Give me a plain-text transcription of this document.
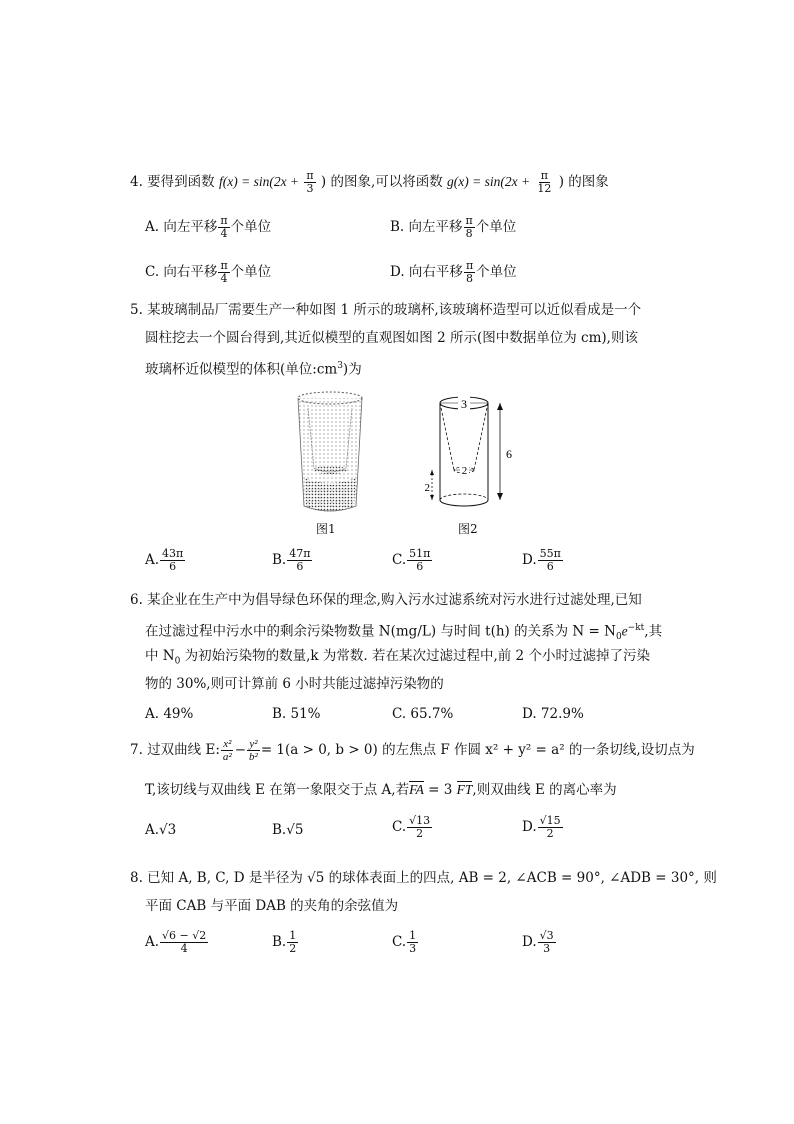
4. 要得到函数 $f(x) = \sin(2x + \frac{\pi}{3}$ ) 的图象,可以将函数 $g(x) = \sin(2x + \frac{\pi}{12}$ ) 的图象
A. 向左平移 $\frac{\pi}{4}$ 个单位	B. 向左平移 $\frac{\pi}{8}$ 个单位
C. 向右平移 $\frac{\pi}{4}$ 个单位	D. 向右平移 $\frac{\pi}{8}$ 个单位
5. 某玻璃制品厂需要生产一种如图 1 所示的玻璃杯,该玻璃杯造型可以近似看成是一个
圆柱挖去一个圆台得到,其近似模型的直观图如图 2 所示(图中数据单位为 cm),则该
玻璃杯近似模型的体积(单位$:cm^3$)为
图1
3
2
6
2
图2
A. $\frac{43\pi}{6}$	B. $\frac{47\pi}{6}$	C. $\frac{51\pi}{6}$	D. $\frac{55\pi}{6}$
6. 某企业在生产中为倡导绿色环保的理念,购入污水过滤系统对污水进行过滤处理,已知
在过滤过程中污水中的剩余污染物数量 N(mg/L) 与时间 t(h) 的关系为 $N = N_0e^{-kt}$,其
中 $N_0$ 为初始污染物的数量,k 为常数. 若在某次过滤过程中,前 2 个小时过滤掉了污染
物的 30%,则可计算前 6 小时共能过滤掉污染物的
A. 49%	B. 51%	C. 65.7%	D. 72.9%
7. 过双曲线 E: $\frac{\text{x²}}{\text{a²}} - \frac{\text{y²}}{\text{b²}} = 1(a > 0$, b > 0) 的左焦点 F 作圆 x² + y² = a² 的一条切线,设切点为
T,该切线与双曲线 E 在第一象限交于点 A,若FA = 3 FT,则双曲线 E 的离心率为
A.√3	B.√5	C. $\frac{√13}{2}$	D. $\frac{√15}{2}$
8. 已知 A, B, C, D 是半径为 √5 的球体表面上的四点, AB = 2, ∠ACB = 90°, ∠ADB = 30°, 则
平面 CAB 与平面 DAB 的夹角的余弦值为
A. $\frac{√6 - √2}{4}$	B. $\frac{1}{2}$	C. $\frac{1}{3}$	D. $\frac{√3}{3}$
